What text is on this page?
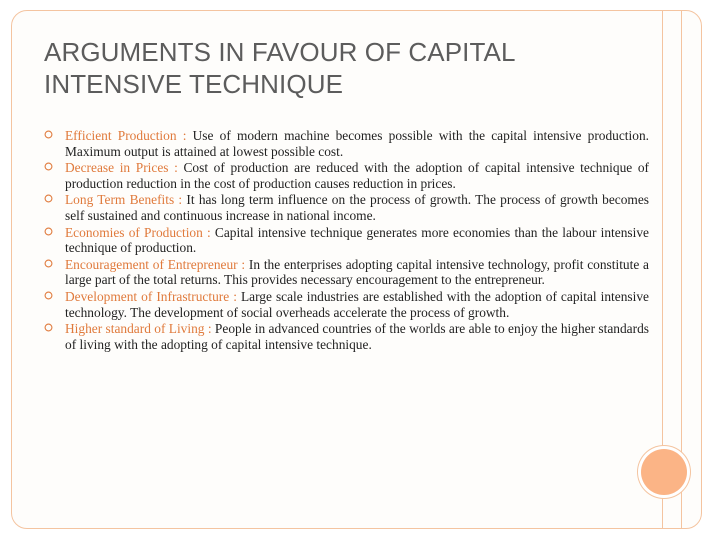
ARGUMENTS IN FAVOUR OF CAPITAL
INTENSIVE TECHNIQUE
Efficient Production : Use of modern machine becomes possible with the capital intensive production. Maximum output is attained at lowest possible cost.
Decrease in Prices : Cost of production are reduced with the adoption of capital intensive technique of production reduction in the cost of production causes reduction in prices.
Long Term Benefits : It has long term influence on the process of growth. The process of growth becomes self sustained and continuous increase in national income.
Economies of Production : Capital intensive technique generates more economies than the labour intensive technique of production.
Encouragement of Entrepreneur : In the enterprises adopting capital intensive technology, profit constitute a large part of the total returns. This provides necessary encouragement to the entrepreneur.
Development of Infrastructure : Large scale industries are established with the adoption of capital intensive technology. The development of social overheads accelerate the process of growth.
Higher standard of Living : People in advanced countries of the worlds are able to enjoy the higher standards of living with the adopting of capital intensive technique.
